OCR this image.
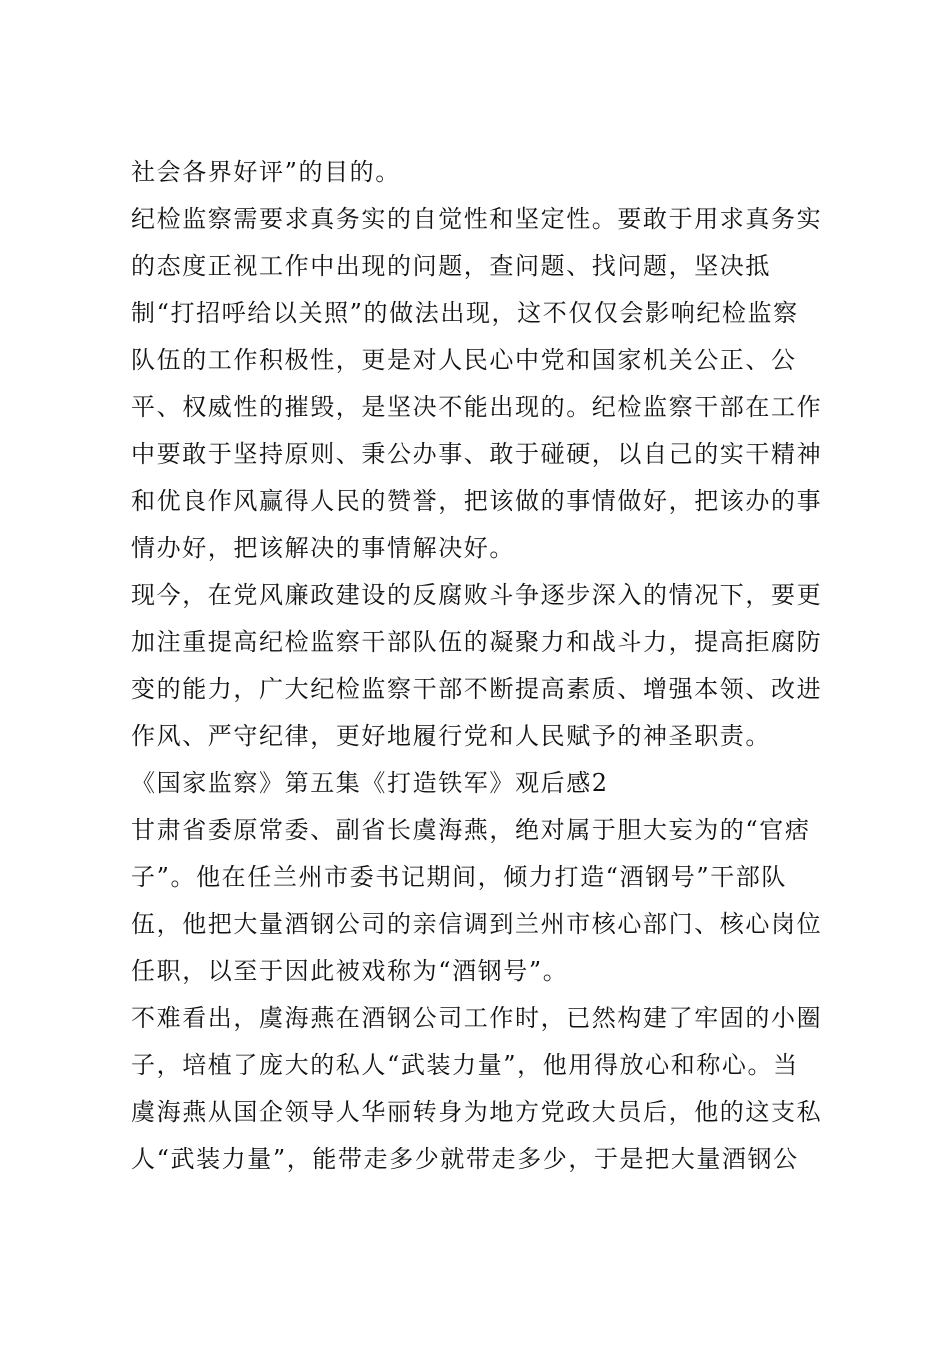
社会各界好评”的目的。
纪检监察需要求真务实的自觉性和坚定性。要敢于用求真务实
的态度正视工作中出现的问题，查问题、找问题，坚决抵
制“打招呼给以关照”的做法出现，这不仅仅会影响纪检监察
队伍的工作积极性，更是对人民心中党和国家机关公正、公
平、权威性的摧毁，是坚决不能出现的。纪检监察干部在工作
中要敢于坚持原则、秉公办事、敢于碰硬，以自己的实干精神
和优良作风赢得人民的赞誉，把该做的事情做好，把该办的事
情办好，把该解决的事情解决好。
现今，在党风廉政建设的反腐败斗争逐步深入的情况下，要更
加注重提高纪检监察干部队伍的凝聚力和战斗力，提高拒腐防
变的能力，广大纪检监察干部不断提高素质、增强本领、改进
作风、严守纪律，更好地履行党和人民赋予的神圣职责。
《国家监察》第五集《打造铁军》观后感2
甘肃省委原常委、副省长虞海燕，绝对属于胆大妄为的“官痞
子”。他在任兰州市委书记期间，倾力打造“酒钢号”干部队
伍，他把大量酒钢公司的亲信调到兰州市核心部门、核心岗位
任职，以至于因此被戏称为“酒钢号”。
不难看出，虞海燕在酒钢公司工作时，已然构建了牢固的小圈
子，培植了庞大的私人“武装力量”，他用得放心和称心。当
虞海燕从国企领导人华丽转身为地方党政大员后，他的这支私
人“武装力量”，能带走多少就带走多少，于是把大量酒钢公
